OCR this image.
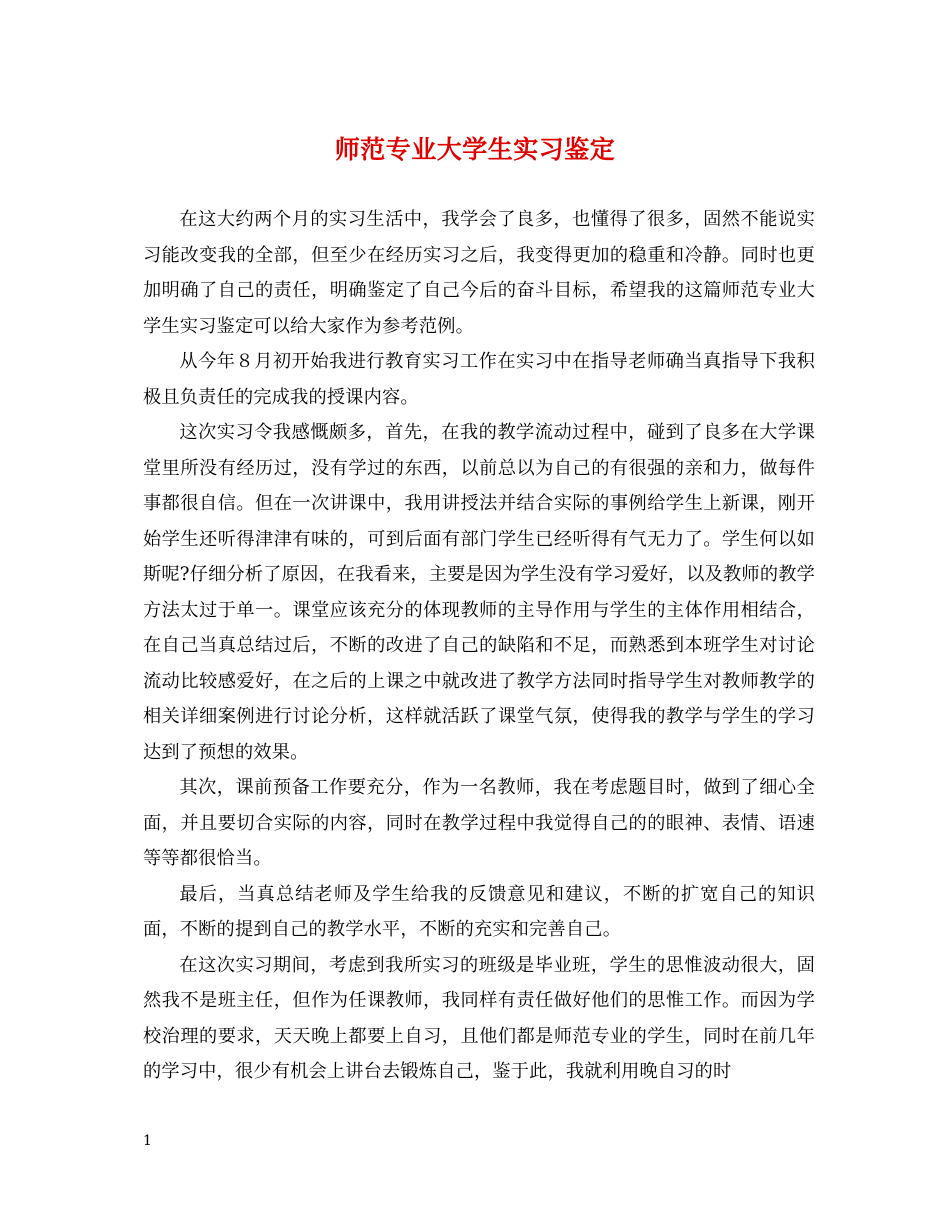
师范专业大学生实习鉴定

在这大约两个月的实习生活中，我学会了良多，也懂得了很多，固然不能说实习能改变我的全部，但至少在经历实习之后，我变得更加的稳重和冷静。同时也更加明确了自己的责任，明确鉴定了自己今后的奋斗目标，希望我的这篇师范专业大学生实习鉴定可以给大家作为参考范例。

从今年８月初开始我进行教育实习工作在实习中在指导老师确当真指导下我积极且负责任的完成我的授课内容。

这次实习令我感慨颇多，首先，在我的教学流动过程中，碰到了良多在大学课堂里所没有经历过，没有学过的东西，以前总以为自己的有很强的亲和力，做每件事都很自信。但在一次讲课中，我用讲授法并结合实际的事例给学生上新课，刚开始学生还听得津津有味的，可到后面有部门学生已经听得有气无力了。学生何以如斯呢?仔细分析了原因，在我看来，主要是因为学生没有学习爱好，以及教师的教学方法太过于单一。课堂应该充分的体现教师的主导作用与学生的主体作用相结合，在自己当真总结过后，不断的改进了自己的缺陷和不足，而熟悉到本班学生对讨论流动比较感爱好，在之后的上课之中就改进了教学方法同时指导学生对教师教学的相关详细案例进行讨论分析，这样就活跃了课堂气氛，使得我的教学与学生的学习达到了预想的效果。

其次，课前预备工作要充分，作为一名教师，我在考虑题目时，做到了细心全面，并且要切合实际的内容，同时在教学过程中我觉得自己的的眼神、表情、语速等等都很恰当。

最后，当真总结老师及学生给我的反馈意见和建议，不断的扩宽自己的知识面，不断的提到自己的教学水平，不断的充实和完善自己。

在这次实习期间，考虑到我所实习的班级是毕业班，学生的思惟波动很大，固然我不是班主任，但作为任课教师，我同样有责任做好他们的思惟工作。而因为学校治理的要求，天天晚上都要上自习，且他们都是师范专业的学生，同时在前几年的学习中，很少有机会上讲台去锻炼自己，鉴于此，我就利用晚自习的时

1
